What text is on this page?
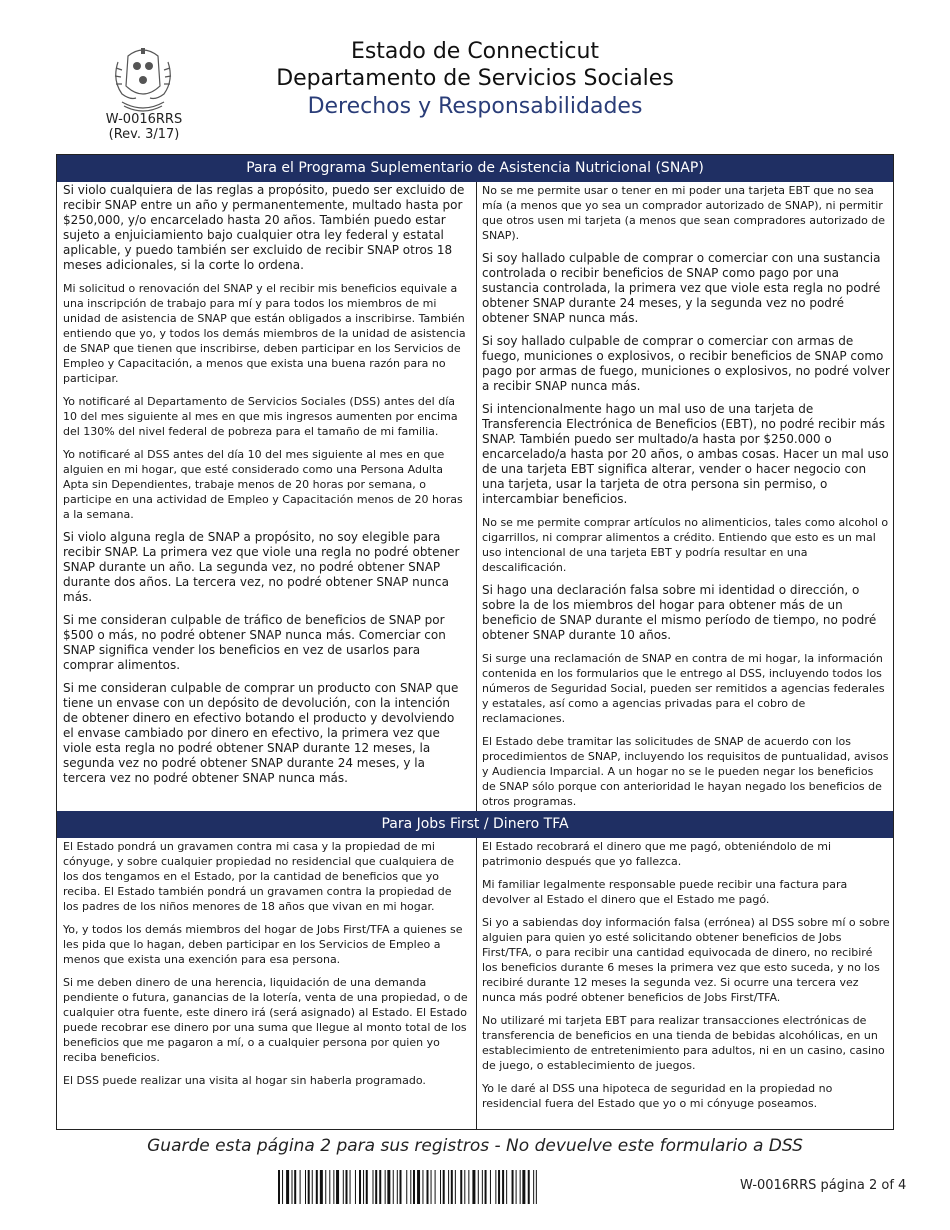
W-0016RRS
(Rev. 3/17)
Estado de Connecticut
Departamento de Servicios Sociales
Derechos y Responsabilidades
Para el Programa Suplementario de Asistencia Nutricional (SNAP)

Si violo cualquiera de las reglas a propósito, puedo ser excluido de recibir SNAP entre un año y permanentemente, multado hasta por $250,000, y/o encarcelado hasta 20 años. También puedo estar sujeto a enjuiciamiento bajo cualquier otra ley federal y estatal aplicable, y puedo también ser excluido de recibir SNAP otros 18 meses adicionales, si la corte lo ordena.

Mi solicitud o renovación del SNAP y el recibir mis beneficios equivale a una inscripción de trabajo para mí y para todos los miembros de mi unidad de asistencia de SNAP que están obligados a inscribirse. También entiendo que yo, y todos los demás miembros de la unidad de asistencia de SNAP que tienen que inscribirse, deben participar en los Servicios de Empleo y Capacitación, a menos que exista una buena razón para no participar.

Yo notificaré al Departamento de Servicios Sociales (DSS) antes del día 10 del mes siguiente al mes en que mis ingresos aumenten por encima del 130% del nivel federal de pobreza para el tamaño de mi familia.

Yo notificaré al DSS antes del día 10 del mes siguiente al mes en que alguien en mi hogar, que esté considerado como una Persona Adulta Apta sin Dependientes, trabaje menos de 20 horas por semana, o participe en una actividad de Empleo y Capacitación menos de 20 horas a la semana.

Si violo alguna regla de SNAP a propósito, no soy elegible para recibir SNAP. La primera vez que viole una regla no podré obtener SNAP durante un año. La segunda vez, no podré obtener SNAP durante dos años. La tercera vez, no podré obtener SNAP nunca más.

Si me consideran culpable de tráfico de beneficios de SNAP por $500 o más, no podré obtener SNAP nunca más. Comerciar con SNAP significa vender los beneficios en vez de usarlos para comprar alimentos.

Si me consideran culpable de comprar un producto con SNAP que tiene un envase con un depósito de devolución, con la intención de obtener dinero en efectivo botando el producto y devolviendo el envase cambiado por dinero en efectivo, la primera vez que viole esta regla no podré obtener SNAP durante 12 meses, la segunda vez no podré obtener SNAP durante 24 meses, y la tercera vez no podré obtener SNAP nunca más.

No se me permite usar o tener en mi poder una tarjeta EBT que no sea mía (a menos que yo sea un comprador autorizado de SNAP), ni permitir que otros usen mi tarjeta (a menos que sean compradores autorizado de SNAP).

Si soy hallado culpable de comprar o comerciar con una sustancia controlada o recibir beneficios de SNAP como pago por una sustancia controlada, la primera vez que viole esta regla no podré obtener SNAP durante 24 meses, y la segunda vez no podré obtener SNAP nunca más.

Si soy hallado culpable de comprar o comerciar con armas de fuego, municiones o explosivos, o recibir beneficios de SNAP como pago por armas de fuego, municiones o explosivos, no podré volver a recibir SNAP nunca más.

Si intencionalmente hago un mal uso de una tarjeta de Transferencia Electrónica de Beneficios (EBT), no podré recibir más SNAP. También puedo ser multado/a hasta por $250.000 o encarcelado/a hasta por 20 años, o ambas cosas. Hacer un mal uso de una tarjeta EBT significa alterar, vender o hacer negocio con una tarjeta, usar la tarjeta de otra persona sin permiso, o intercambiar beneficios.

No se me permite comprar artículos no alimenticios, tales como alcohol o cigarrillos, ni comprar alimentos a crédito. Entiendo que esto es un mal uso intencional de una tarjeta EBT y podría resultar en una descalificación.

Si hago una declaración falsa sobre mi identidad o dirección, o sobre la de los miembros del hogar para obtener más de un beneficio de SNAP durante el mismo período de tiempo, no podré obtener SNAP durante 10 años.

Si surge una reclamación de SNAP en contra de mi hogar, la información contenida en los formularios que le entrego al DSS, incluyendo todos los números de Seguridad Social, pueden ser remitidos a agencias federales y estatales, así como a agencias privadas para el cobro de reclamaciones.

El Estado debe tramitar las solicitudes de SNAP de acuerdo con los procedimientos de SNAP, incluyendo los requisitos de puntualidad, avisos y Audiencia Imparcial. A un hogar no se le pueden negar los beneficios de SNAP sólo porque con anterioridad le hayan negado los beneficios de otros programas.

Para Jobs First / Dinero TFA

El Estado pondrá un gravamen contra mi casa y la propiedad de mi cónyuge, y sobre cualquier propiedad no residencial que cualquiera de los dos tengamos en el Estado, por la cantidad de beneficios que yo reciba. El Estado también pondrá un gravamen contra la propiedad de los padres de los niños menores de 18 años que vivan en mi hogar.

Yo, y todos los demás miembros del hogar de Jobs First/TFA a quienes se les pida que lo hagan, deben participar en los Servicios de Empleo a menos que exista una exención para esa persona.

Si me deben dinero de una herencia, liquidación de una demanda pendiente o futura, ganancias de la lotería, venta de una propiedad, o de cualquier otra fuente, este dinero irá (será asignado) al Estado. El Estado puede recobrar ese dinero por una suma que llegue al monto total de los beneficios que me pagaron a mí, o a cualquier persona por quien yo reciba beneficios.

El DSS puede realizar una visita al hogar sin haberla programado.

El Estado recobrará el dinero que me pagó, obteniéndolo de mi patrimonio después que yo fallezca.

Mi familiar legalmente responsable puede recibir una factura para devolver al Estado el dinero que el Estado me pagó.

Si yo a sabiendas doy información falsa (errónea) al DSS sobre mí o sobre alguien para quien yo esté solicitando obtener beneficios de Jobs First/TFA, o para recibir una cantidad equivocada de dinero, no recibiré los beneficios durante 6 meses la primera vez que esto suceda, y no los recibiré durante 12 meses la segunda vez. Si ocurre una tercera vez nunca más podré obtener beneficios de Jobs First/TFA.

No utilizaré mi tarjeta EBT para realizar transacciones electrónicas de transferencia de beneficios en una tienda de bebidas alcohólicas, en un establecimiento de entretenimiento para adultos, ni en un casino, casino de juego, o establecimiento de juegos.

Yo le daré al DSS una hipoteca de seguridad en la propiedad no residencial fuera del Estado que yo o mi cónyuge poseamos.

Guarde esta página 2 para sus registros - No devuelve este formulario a DSS
W-0016RRS página 2 of 4
